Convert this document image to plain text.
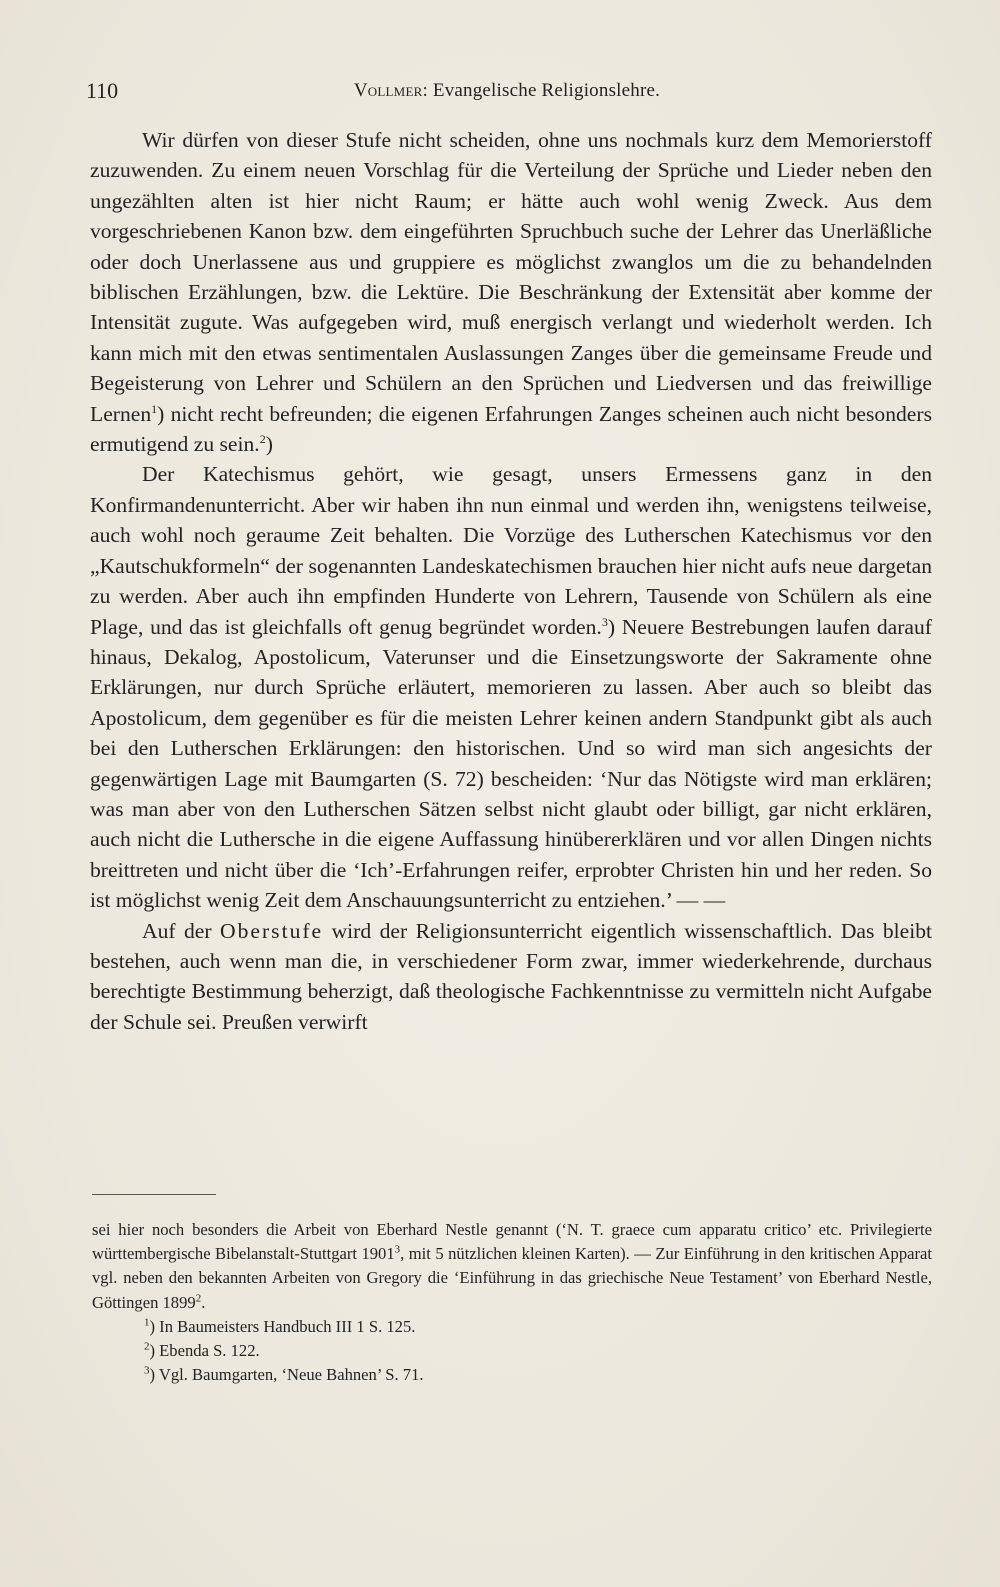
110	Vollmer: Evangelische Religionslehre.

Wir dürfen von dieser Stufe nicht scheiden, ohne uns nochmals kurz dem Memorierstoff zuzuwenden. Zu einem neuen Vorschlag für die Verteilung der Sprüche und Lieder neben den ungezählten alten ist hier nicht Raum; er hätte auch wohl wenig Zweck. Aus dem vorgeschriebenen Kanon bzw. dem eingeführten Spruchbuch suche der Lehrer das Unerläßliche oder doch Unerlassene aus und gruppiere es möglichst zwanglos um die zu behandelnden biblischen Erzählungen, bzw. die Lektüre. Die Beschränkung der Extensität aber komme der Intensität zugute. Was aufgegeben wird, muß energisch verlangt und wiederholt werden. Ich kann mich mit den etwas sentimentalen Auslassungen Zanges über die gemeinsame Freude und Begeisterung von Lehrer und Schülern an den Sprüchen und Liedversen und das freiwillige Lernen$^1$) nicht recht befreunden; die eigenen Erfahrungen Zanges scheinen auch nicht besonders ermutigend zu sein.$^2$)

Der Katechismus gehört, wie gesagt, unsers Ermessens ganz in den Konfirmandenunterricht. Aber wir haben ihn nun einmal und werden ihn, wenigstens teilweise, auch wohl noch geraume Zeit behalten. Die Vorzüge des Lutherschen Katechismus vor den „Kautschukformeln“ der sogenannten Landeskatechismen brauchen hier nicht aufs neue dargetan zu werden. Aber auch ihn empfinden Hunderte von Lehrern, Tausende von Schülern als eine Plage, und das ist gleichfalls oft genug begründet worden.$^3$) Neuere Bestrebungen laufen darauf hinaus, Dekalog, Apostolicum, Vaterunser und die Einsetzungsworte der Sakramente ohne Erklärungen, nur durch Sprüche erläutert, memorieren zu lassen. Aber auch so bleibt das Apostolicum, dem gegenüber es für die meisten Lehrer keinen andern Standpunkt gibt als auch bei den Lutherschen Erklärungen: den historischen. Und so wird man sich angesichts der gegenwärtigen Lage mit Baumgarten (S. 72) bescheiden: ‘Nur das Nötigste wird man erklären; was man aber von den Lutherschen Sätzen selbst nicht glaubt oder billigt, gar nicht erklären, auch nicht die Luthersche in die eigene Auffassung hinübererklären und vor allen Dingen nichts breittreten und nicht über die ‘Ich’-Erfahrungen reifer, erprobter Christen hin und her reden. So ist möglichst wenig Zeit dem Anschauungsunterricht zu entziehen.’ — —

Auf der Oberstufe wird der Religionsunterricht eigentlich wissenschaftlich. Das bleibt bestehen, auch wenn man die, in verschiedener Form zwar, immer wiederkehrende, durchaus berechtigte Bestimmung beherzigt, daß theologische Fachkenntnisse zu vermitteln nicht Aufgabe der Schule sei. Preußen verwirft

sei hier noch besonders die Arbeit von Eberhard Nestle genannt (‘N. T. graece cum apparatu critico’ etc. Privilegierte württembergische Bibelanstalt-Stuttgart 1901$^3$, mit 5 nützlichen kleinen Karten). — Zur Einführung in den kritischen Apparat vgl. neben den bekannten Arbeiten von Gregory die ‘Einführung in das griechische Neue Testament’ von Eberhard Nestle, Göttingen 1899$^2$.

$^1$) In Baumeisters Handbuch III 1 S. 125.

$^2$) Ebenda S. 122.

$^3$) Vgl. Baumgarten, ‘Neue Bahnen’ S. 71.
